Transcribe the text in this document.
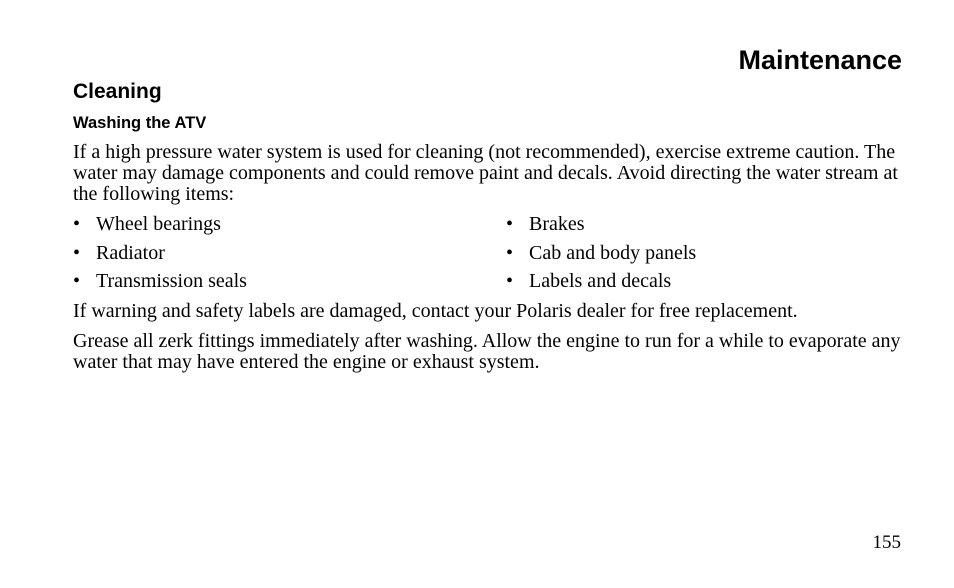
Maintenance
Cleaning
Washing the ATV

If a high pressure water system is used for cleaning (not recommended), exercise extreme caution. The water may damage components and could remove paint and decals. Avoid directing the water stream at the following items:

• Wheel bearings	• Brakes
• Radiator	• Cab and body panels
• Transmission seals	• Labels and decals

If warning and safety labels are damaged, contact your Polaris dealer for free replacement.

Grease all zerk fittings immediately after washing. Allow the engine to run for a while to evaporate any water that may have entered the engine or exhaust system.

155
